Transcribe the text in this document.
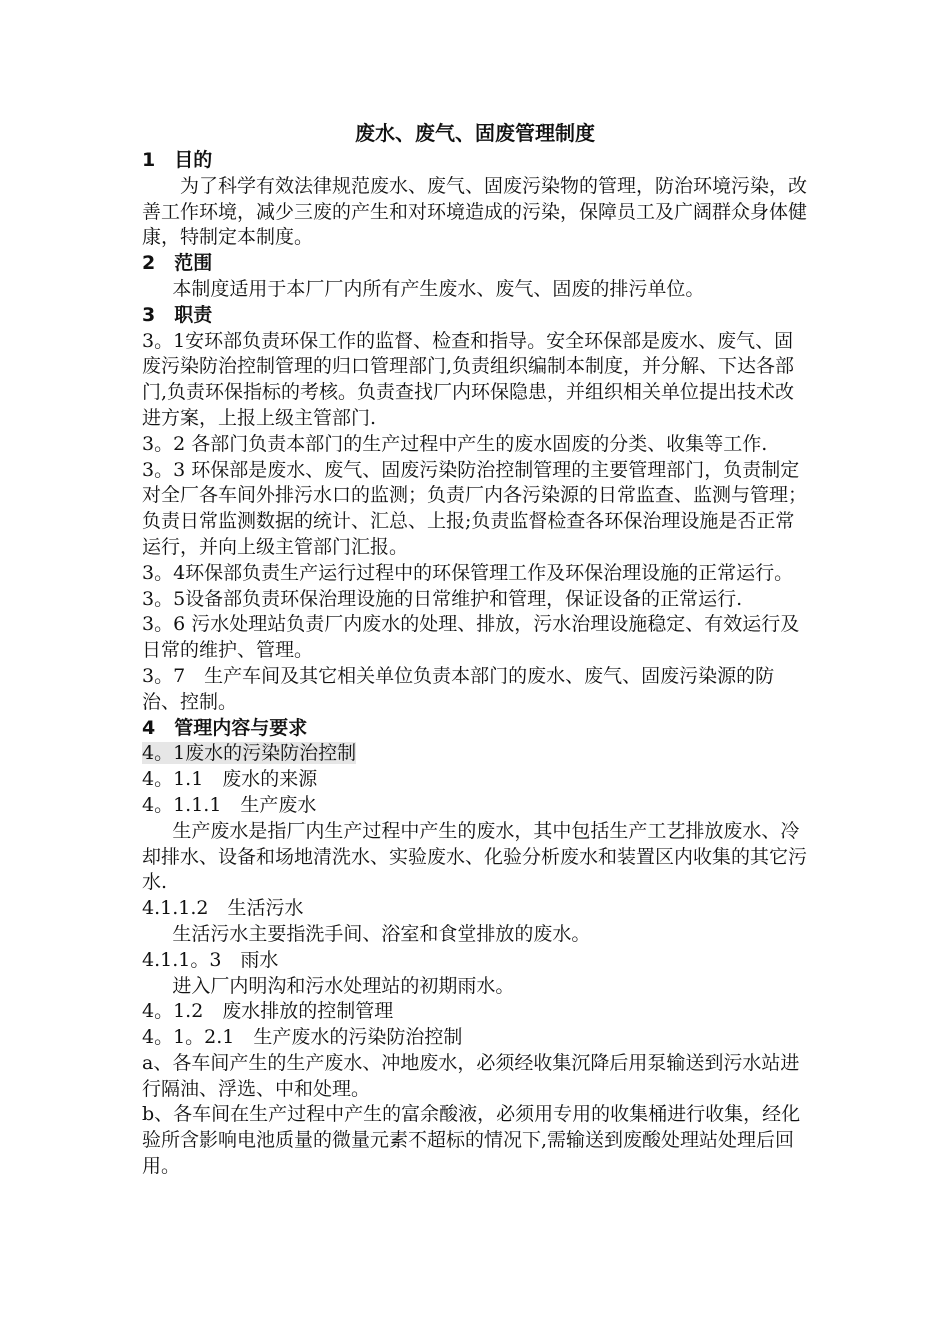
废水、废气、固废管理制度

1　目的

为了科学有效法律规范废水、废气、固废污染物的管理，防治环境污染，改善工作环境，减少三废的产生和对环境造成的污染，保障员工及广阔群众身体健康，特制定本制度。

2　范围

本制度适用于本厂厂内所有产生废水、废气、固废的排污单位。

3　职责

3。1安环部负责环保工作的监督、检查和指导。安全环保部是废水、废气、固废污染防治控制管理的归口管理部门,负责组织编制本制度，并分解、下达各部门,负责环保指标的考核。负责查找厂内环保隐患，并组织相关单位提出技术改进方案，上报上级主管部门.

3。2 各部门负责本部门的生产过程中产生的废水固废的分类、收集等工作.

3。3 环保部是废水、废气、固废污染防治控制管理的主要管理部门，负责制定对全厂各车间外排污水口的监测；负责厂内各污染源的日常监查、监测与管理；负责日常监测数据的统计、汇总、上报;负责监督检查各环保治理设施是否正常运行，并向上级主管部门汇报。

3。4环保部负责生产运行过程中的环保管理工作及环保治理设施的正常运行。

3。5设备部负责环保治理设施的日常维护和管理，保证设备的正常运行.

3。6 污水处理站负责厂内废水的处理、排放，污水治理设施稳定、有效运行及日常的维护、管理。

3。7　生产车间及其它相关单位负责本部门的废水、废气、固废污染源的防治、控制。

4　管理内容与要求

4。1废水的污染防治控制

4。1.1　废水的来源

4。1.1.1　生产废水

生产废水是指厂内生产过程中产生的废水，其中包括生产工艺排放废水、冷却排水、设备和场地清洗水、实验废水、化验分析废水和装置区内收集的其它污水.

4.1.1.2　生活污水

生活污水主要指洗手间、浴室和食堂排放的废水。

4.1.1。3　雨水

进入厂内明沟和污水处理站的初期雨水。

4。1.2　废水排放的控制管理

4。1。2.1　生产废水的污染防治控制

a、各车间产生的生产废水、冲地废水，必须经收集沉降后用泵输送到污水站进行隔油、浮选、中和处理。

b、各车间在生产过程中产生的富余酸液，必须用专用的收集桶进行收集，经化验所含影响电池质量的微量元素不超标的情况下,需输送到废酸处理站处理后回用。
